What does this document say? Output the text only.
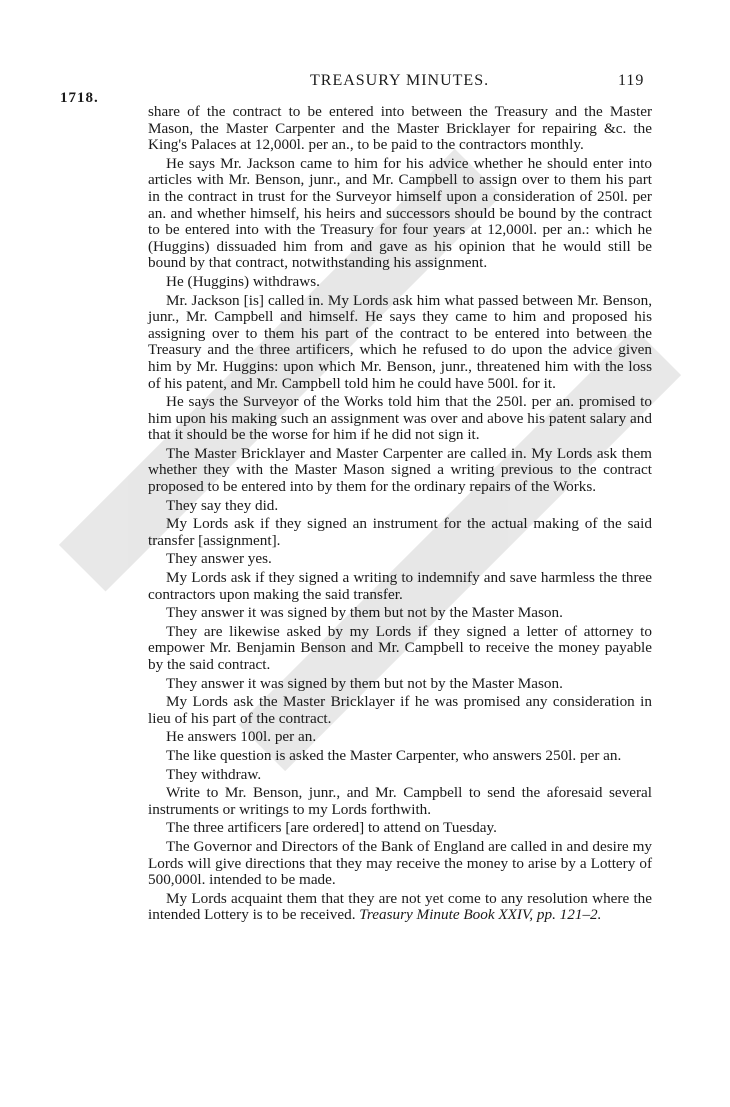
1718.
TREASURY MINUTES.	119

share of the contract to be entered into between the Treasury and the Master Mason, the Master Carpenter and the Master Bricklayer for repairing &c. the King's Palaces at 12,000l. per an., to be paid to the contractors monthly.

He says Mr. Jackson came to him for his advice whether he should enter into articles with Mr. Benson, junr., and Mr. Campbell to assign over to them his part in the contract in trust for the Surveyor himself upon a consideration of 250l. per an. and whether himself, his heirs and successors should be bound by the contract to be entered into with the Treasury for four years at 12,000l. per an.: which he (Huggins) dissuaded him from and gave as his opinion that he would still be bound by that contract, notwithstanding his assignment.

He (Huggins) withdraws.

Mr. Jackson [is] called in. My Lords ask him what passed between Mr. Benson, junr., Mr. Campbell and himself. He says they came to him and proposed his assigning over to them his part of the contract to be entered into between the Treasury and the three artificers, which he refused to do upon the advice given him by Mr. Huggins: upon which Mr. Benson, junr., threatened him with the loss of his patent, and Mr. Campbell told him he could have 500l. for it.

He says the Surveyor of the Works told him that the 250l. per an. promised to him upon his making such an assignment was over and above his patent salary and that it should be the worse for him if he did not sign it.

The Master Bricklayer and Master Carpenter are called in. My Lords ask them whether they with the Master Mason signed a writing previous to the contract proposed to be entered into by them for the ordinary repairs of the Works.

They say they did.

My Lords ask if they signed an instrument for the actual making of the said transfer [assignment].

They answer yes.

My Lords ask if they signed a writing to indemnify and save harmless the three contractors upon making the said transfer.

They answer it was signed by them but not by the Master Mason.

They are likewise asked by my Lords if they signed a letter of attorney to empower Mr. Benjamin Benson and Mr. Campbell to receive the money payable by the said contract.

They answer it was signed by them but not by the Master Mason.

My Lords ask the Master Bricklayer if he was promised any consideration in lieu of his part of the contract.

He answers 100l. per an.

The like question is asked the Master Carpenter, who answers 250l. per an.

They withdraw.

Write to Mr. Benson, junr., and Mr. Campbell to send the aforesaid several instruments or writings to my Lords forthwith.

The three artificers [are ordered] to attend on Tuesday.

The Governor and Directors of the Bank of England are called in and desire my Lords will give directions that they may receive the money to arise by a Lottery of 500,000l. intended to be made.

My Lords acquaint them that they are not yet come to any resolution where the intended Lottery is to be received. Treasury Minute Book XXIV, pp. 121–2.
